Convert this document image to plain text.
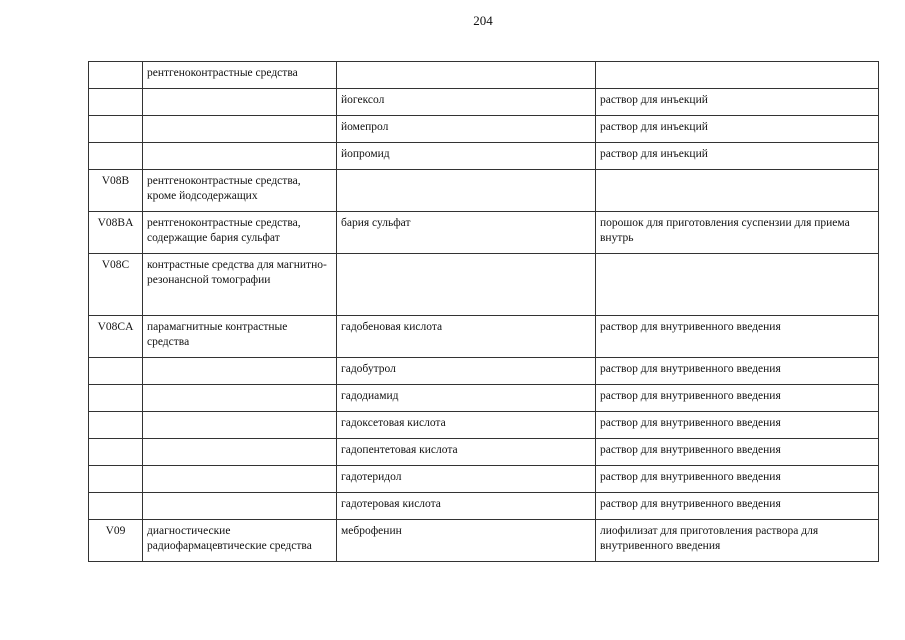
204
	рентгеноконтрастные средства		
		йогексол	раствор для инъекций
		йомепрол	раствор для инъекций
		йопромид	раствор для инъекций
V08B	рентгеноконтрастные средства, кроме йодсодержащих		
V08BA	рентгеноконтрастные средства, содержащие бария сульфат	бария сульфат	порошок для приготовления суспензии для приема внутрь
V08C	контрастные средства для магнитно-резонансной томографии		
V08CA	парамагнитные контрастные средства	гадобеновая кислота	раствор для внутривенного введения
		гадобутрол	раствор для внутривенного введения
		гадодиамид	раствор для внутривенного введения
		гадоксетовая кислота	раствор для внутривенного введения
		гадопентетовая кислота	раствор для внутривенного введения
		гадотеридол	раствор для внутривенного введения
		гадотеровая кислота	раствор для внутривенного введения
V09	диагностические радиофармацевтические средства	меброфенин	лиофилизат для приготовления раствора для внутривенного введения
